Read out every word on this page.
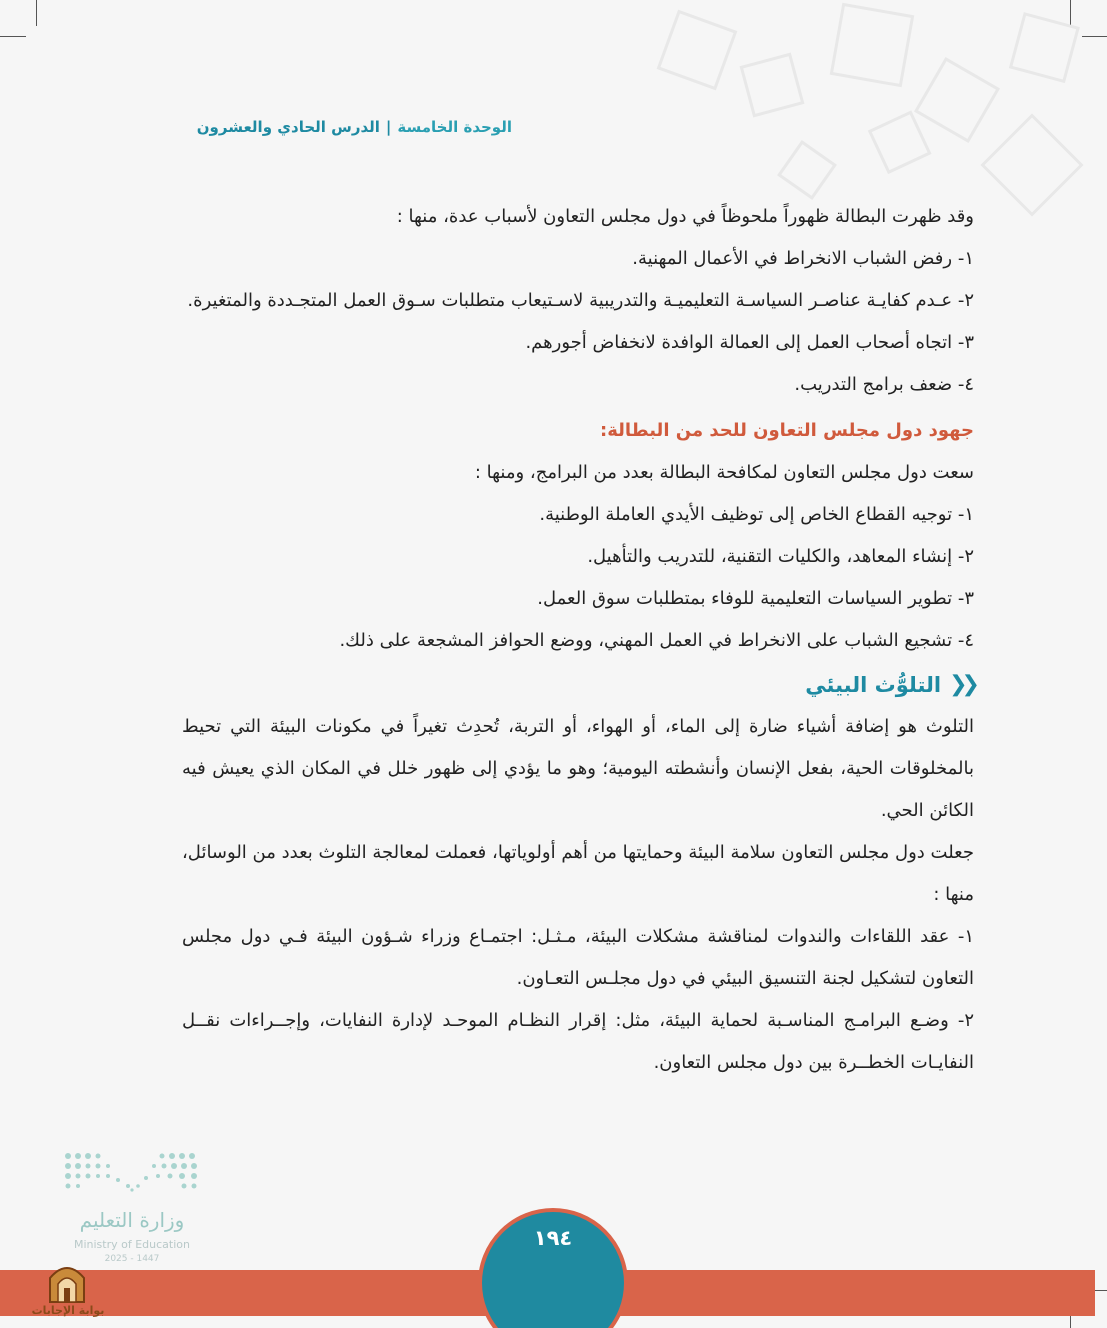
الوحدة الخامسة|الدرس الحادي والعشرون

وقد ظهرت البطالة ظهوراً ملحوظاً في دول مجلس التعاون لأسباب عدة، منها :

١- رفض الشباب الانخراط في الأعمال المهنية.

٢- عـدم كفايـة عناصـر السياسـة التعليميـة والتدريبية لاسـتيعاب متطلبات سـوق العمل المتجـددة والمتغيرة.

٣- اتجاه أصحاب العمل إلى العمالة الوافدة لانخفاض أجورهم.

٤- ضعف برامج التدريب.

جهود دول مجلس التعاون للحد من البطالة:

سعت دول مجلس التعاون لمكافحة البطالة بعدد من البرامج، ومنها :

١- توجيه القطاع الخاص إلى توظيف الأيدي العاملة الوطنية.

٢- إنشاء المعاهد، والكليات التقنية، للتدريب والتأهيل.

٣- تطوير السياسات التعليمية للوفاء بمتطلبات سوق العمل.

٤- تشجيع الشباب على الانخراط في العمل المهني، ووضع الحوافز المشجعة على ذلك.

❮❮
التلوُّث البيئي

التلوث هو إضافة أشياء ضارة إلى الماء، أو الهواء، أو التربة، تُحدِث تغيراً في مكونات البيئة التي تحيط بالمخلوقات الحية، بفعل الإنسان وأنشطته اليومية؛ وهو ما يؤدي إلى ظهور خلل في المكان الذي يعيش فيه الكائن الحي.

جعلت دول مجلس التعاون سلامة البيئة وحمايتها من أهم أولوياتها، فعملت لمعالجة التلوث بعدد من الوسائل، منها :

١- عقد اللقاءات والندوات لمناقشة مشكلات البيئة، مـثـل: اجتمـاع وزراء شـؤون البيئة فـي دول مجلس التعاون لتشكيل لجنة التنسيق البيئي في دول مجلـس التعـاون.

٢- وضـع البرامـج المناسـبة لحماية البيئة، مثل: إقرار النظـام الموحـد لإدارة النفايات، وإجــراءات نقــل النفايـات الخطــرة بين دول مجلس التعاون.

١٩٤
وزارة التعليم
Ministry of Education
2025 - 1447
بوابة الإجابات
